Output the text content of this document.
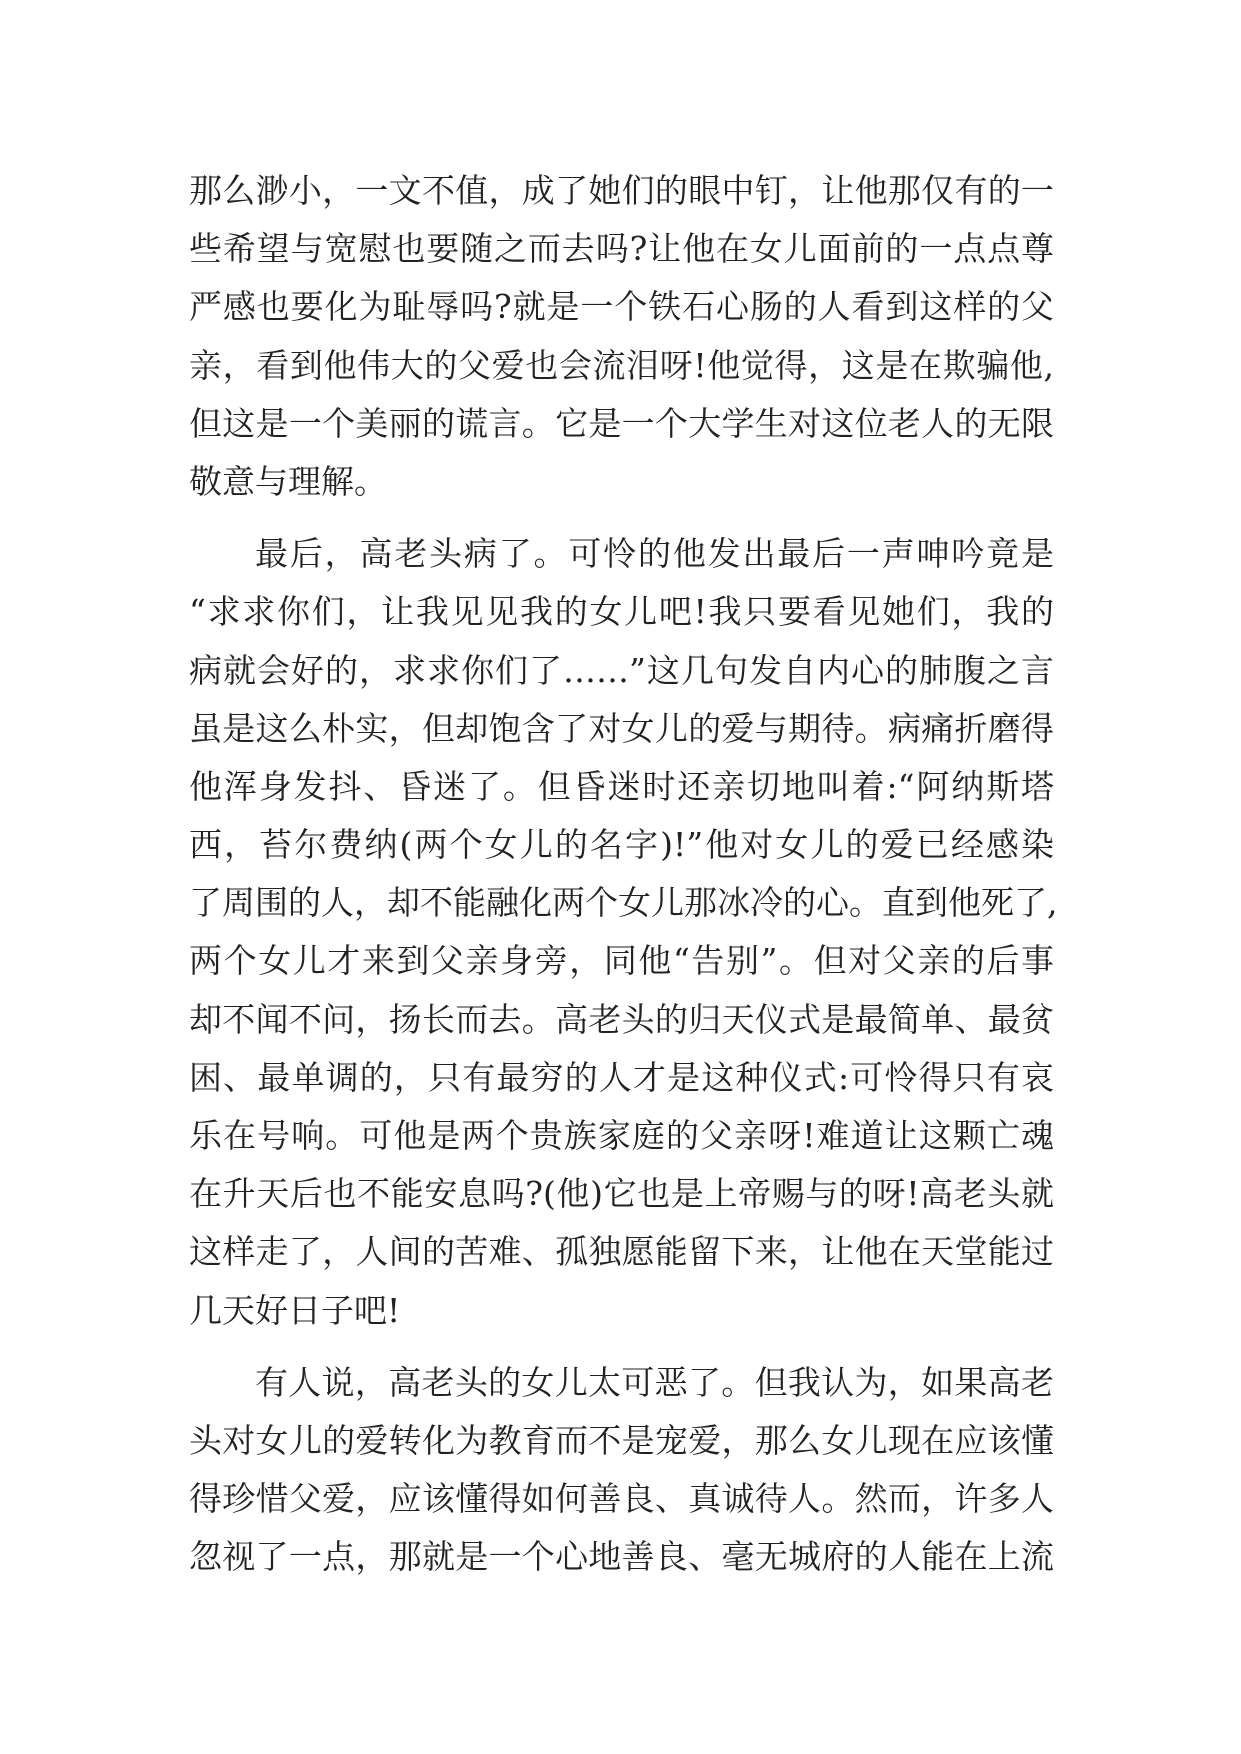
那么渺小，一文不值，成了她们的眼中钉，让他那仅有的一
些希望与宽慰也要随之而去吗?让他在女儿面前的一点点尊
严感也要化为耻辱吗?就是一个铁石心肠的人看到这样的父
亲，看到他伟大的父爱也会流泪呀!他觉得，这是在欺骗他,
但这是一个美丽的谎言。它是一个大学生对这位老人的无限
敬意与理解。
最后，高老头病了。可怜的他发出最后一声呻吟竟是
“求求你们，让我见见我的女儿吧!我只要看见她们，我的
病就会好的，求求你们了……”这几句发自内心的肺腹之言
虽是这么朴实，但却饱含了对女儿的爱与期待。病痛折磨得
他浑身发抖、昏迷了。但昏迷时还亲切地叫着:“阿纳斯塔
西，苔尔费纳(两个女儿的名字)!”他对女儿的爱已经感染
了周围的人，却不能融化两个女儿那冰冷的心。直到他死了,
两个女儿才来到父亲身旁，同他“告别”。但对父亲的后事
却不闻不问，扬长而去。高老头的归天仪式是最简单、最贫
困、最单调的，只有最穷的人才是这种仪式:可怜得只有哀
乐在号响。可他是两个贵族家庭的父亲呀!难道让这颗亡魂
在升天后也不能安息吗?(他)它也是上帝赐与的呀!高老头就
这样走了，人间的苦难、孤独愿能留下来，让他在天堂能过
几天好日子吧!
有人说，高老头的女儿太可恶了。但我认为，如果高老
头对女儿的爱转化为教育而不是宠爱，那么女儿现在应该懂
得珍惜父爱，应该懂得如何善良、真诚待人。然而，许多人
忽视了一点，那就是一个心地善良、毫无城府的人能在上流
